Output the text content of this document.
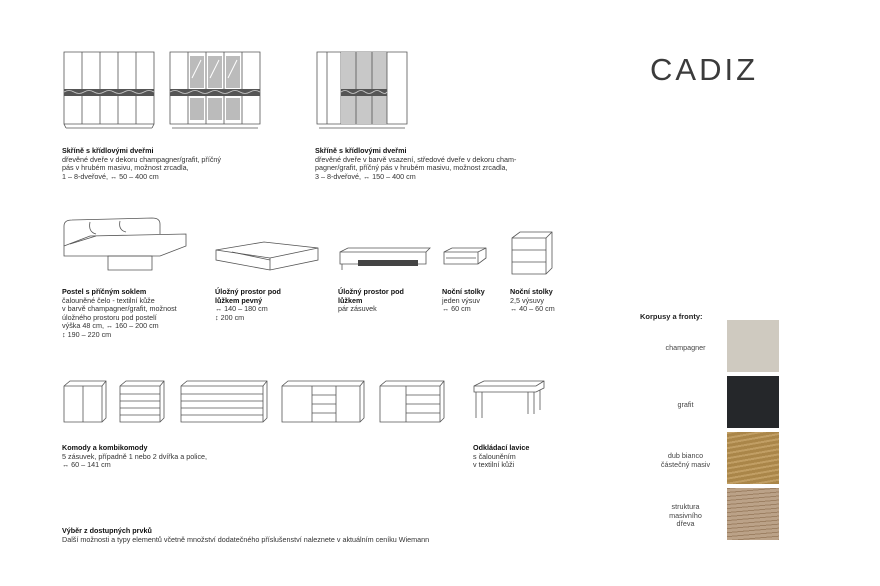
CADIZ
Skříně s křídlovými dveřmi
dřevěné dveře v dekoru champagner/grafit, příčný
pás v hrubém masivu, možnost zrcadla,
1 – 8-dveřové, ↔ 50 – 400 cm
Skříně s křídlovými dveřmi
dřevěné dveře v barvě vsazení, středové dveře v dekoru cham-
pagner/grafit, příčný pás v hrubém masivu, možnost zrcadla,
3 – 8-dveřové, ↔ 150 – 400 cm
Postel s příčným soklem
čalouněné čelo - textilní kůže
v barvě champagner/grafit, možnost
úložného prostoru pod postelí
výška 48 cm, ↔ 160 – 200 cm
↕ 190 – 220 cm
Úložný prostor pod
lůžkem pevný
↔ 140 – 180 cm
↕ 200 cm
Úložný prostor pod
lůžkem
pár zásuvek
Noční stolky
jeden výsuv
↔ 60 cm
Noční stolky
2,5 výsuvy
↔ 40 – 60 cm
Komody a kombikomody
5 zásuvek, případně 1 nebo 2 dvířka a police,
↔ 60 – 141 cm
Odkládací lavice
s čalouněním
v textilní kůži
Výběr z dostupných prvků
Další možnosti a typy elementů včetně množství dodatečného příslušenství naleznete v aktuálním ceníku Wiemann
Korpusy a fronty:
champagner
grafit
dub bianco
částečný masiv
struktura
masivního
dřeva
